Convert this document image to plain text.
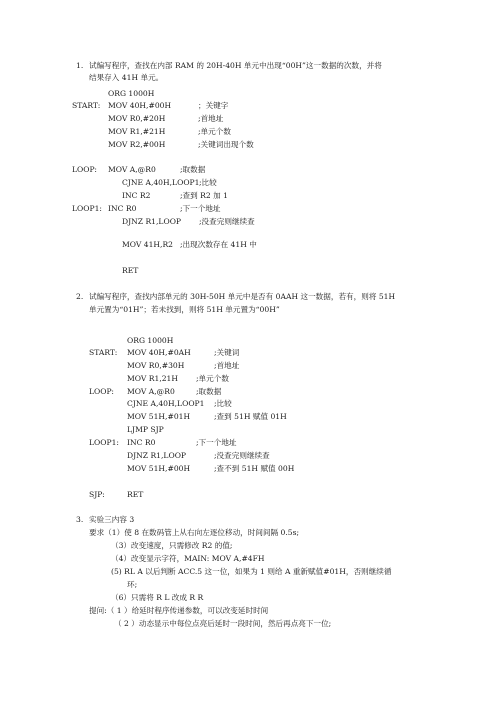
1. 试编写程序，查找在内部 RAM 的 20H-40H 单元中出现“00H”这一数据的次数，并将
结果存入 41H 单元。
ORG 1000H
START: MOV 40H,#00H	；关键字
MOV R0,#20H	;首地址
MOV R1,#21H	;单元个数
MOV R2,#00H	;关键词出现个数
LOOP: MOV A,@R0	;取数据
CJNE A,40H,LOOP1 ;比较
INC R2	;查到 R2 加 1
LOOP1: INC R0	;下一个地址
DJNZ R1,LOOP ;没查完则继续查
MOV 41H,R2 ;出现次数存在 41H 中
RET
2. 试编写程序，查找内部单元的 30H-50H 单元中是否有 0AAH 这一数据，若有，则将 51H
单元置为“01H”；若未找到，则将 51H 单元置为“00H”
ORG 1000H
START: MOV 40H,#0AH	;关键词
MOV R0,#30H	;首地址
MOV R1,21H ;单元个数
LOOP: MOV A,@R0	;取数据
CJNE A,40H,LOOP1 ;比较
MOV 51H,#01H	;查到 51H 赋值 01H
LJMP SJP
LOOP1: INC R0	;下一个地址
DJNZ R1,LOOP	;没查完则继续查
MOV 51H,#00H	;查不到 51H 赋值 00H
SJP:	RET
3. 实验三内容 3
要求（1）使 8 在数码管上从右向左逐位移动，时间间隔 0.5s;
（3）改变速度，只需修改 R2 的值;
（4）改变显示字符，MAIN: MOV A,#4FH
(5) RL A 以后判断 ACC.5 这一位，如果为 1 则给 A 重新赋值#01H，否则继续循
环;
（6）只需将 R L 改成 R R
提问:（ 1 ）给延时程序传递参数，可以改变延时时间
（ 2 ）动态显示中每位点亮后延时一段时间，然后再点亮下一位;
